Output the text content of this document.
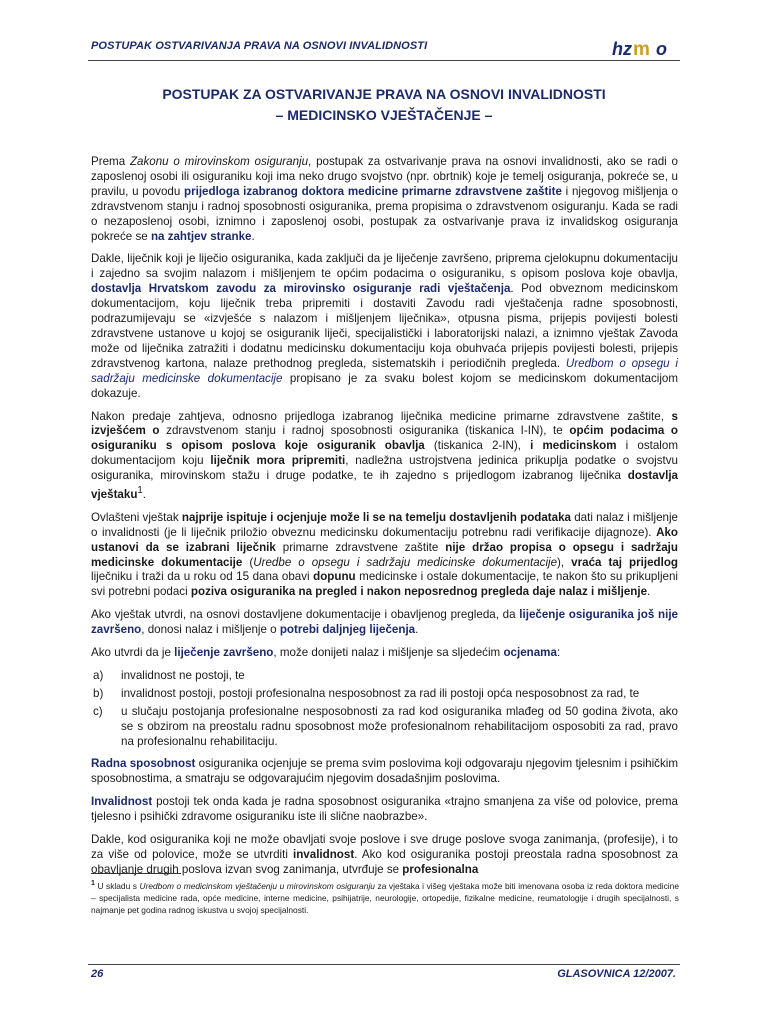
POSTUPAK OSTVARIVANJA PRAVA NA OSNOVI INVALIDNOSTI	hz m o
POSTUPAK ZA OSTVARIVANJE PRAVA NA OSNOVI INVALIDNOSTI
– MEDICINSKO VJEŠTAČENJE –

Prema Zakonu o mirovinskom osiguranju, postupak za ostvarivanje prava na osnovi invalidnosti, ako se radi o zaposlenoj osobi ili osiguraniku koji ima neko drugo svojstvo (npr. obrtnik) koje je temelj osiguranja, pokreće se, u pravilu, u povodu prijedloga izabranog doktora medicine primarne zdravstvene zaštite i njegovog mišljenja o zdravstvenom stanju i radnoj sposobnosti osiguranika, prema propisima o zdravstvenom osiguranju. Kada se radi o nezaposlenoj osobi, iznimno i zaposlenoj osobi, postupak za ostvarivanje prava iz invalidskog osiguranja pokreće se na zahtjev stranke.

Dakle, liječnik koji je liječio osiguranika, kada zaključi da je liječenje završeno, priprema cjelokupnu dokumentaciju i zajedno sa svojim nalazom i mišljenjem te općim podacima o osiguraniku, s opisom poslova koje obavlja, dostavlja Hrvatskom zavodu za mirovinsko osiguranje radi vještačenja. Pod obveznom medicinskom dokumentacijom, koju liječnik treba pripremiti i dostaviti Zavodu radi vještačenja radne sposobnosti, podrazumijevaju se «izvješće s nalazom i mišljenjem liječnika», otpusna pisma, prijepis povijesti bolesti zdravstvene ustanove u kojoj se osiguranik liječi, specijalistički i laboratorijski nalazi, a iznimno vještak Zavoda može od liječnika zatražiti i dodatnu medicinsku dokumentaciju koja obuhvaća prijepis povijesti bolesti, prijepis zdravstvenog kartona, nalaze prethodnog pregleda, sistematskih i periodičnih pregleda. Uredbom o opsegu i sadržaju medicinske dokumentacije propisano je za svaku bolest kojom se medicinskom dokumentacijom dokazuje.

Nakon predaje zahtjeva, odnosno prijedloga izabranog liječnika medicine primarne zdravstvene zaštite, s izvješćem o zdravstvenom stanju i radnoj sposobnosti osiguranika (tiskanica I-IN), te općim podacima o osiguraniku s opisom poslova koje osiguranik obavlja (tiskanica 2-IN), i medicinskom i ostalom dokumentacijom koju liječnik mora pripremiti, nadležna ustrojstvena jedinica prikuplja podatke o svojstvu osiguranika, mirovinskom stažu i druge podatke, te ih zajedno s prijedlogom izabranog liječnika dostavlja vještaku$^1$.

Ovlašteni vještak najprije ispituje i ocjenjuje može li se na temelju dostavljenih podataka dati nalaz i mišljenje o invalidnosti (je li liječnik priložio obveznu medicinsku dokumentaciju potrebnu radi verifikacije dijagnoze). Ako ustanovi da se izabrani liječnik primarne zdravstvene zaštite nije držao propisa o opsegu i sadržaju medicinske dokumentacije (Uredbe o opsegu i sadržaju medicinske dokumentacije), vraća taj prijedlog liječniku i traži da u roku od 15 dana obavi dopunu medicinske i ostale dokumentacije, te nakon što su prikupljeni svi potrebni podaci poziva osiguranika na pregled i nakon neposrednog pregleda daje nalaz i mišljenje.

Ako vještak utvrdi, na osnovi dostavljene dokumentacije i obavljenog pregleda, da liječenje osiguranika još nije završeno, donosi nalaz i mišljenje o potrebi daljnjeg liječenja.

Ako utvrdi da je liječenje završeno, može donijeti nalaz i mišljenje sa sljedećim ocjenama:

a)	invalidnost ne postoji, te
b)	invalidnost postoji, postoji profesionalna nesposobnost za rad ili postoji opća nesposobnost za rad, te
c)	u slučaju postojanja profesionalne nesposobnosti za rad kod osiguranika mlađeg od 50 godina života, ako se s obzirom na preostalu radnu sposobnost može profesionalnom rehabilitacijom osposobiti za rad, pravo na profesionalnu rehabilitaciju.

Radna sposobnost osiguranika ocjenjuje se prema svim poslovima koji odgovaraju njegovim tjelesnim i psihičkim sposobnostima, a smatraju se odgovarajućim njegovim dosadašnjim poslovima.

Invalidnost postoji tek onda kada je radna sposobnost osiguranika «trajno smanjena za više od polovice, prema tjelesno i psihički zdravome osiguraniku iste ili slične naobrazbe».

Dakle, kod osiguranika koji ne može obavljati svoje poslove i sve druge poslove svoga zanimanja, (profesije), i to za više od polovice, može se utvrditi invalidnost. Ako kod osiguranika postoji preostala radna sposobnost za obavljanje drugih poslova izvan svog zanimanja, utvrđuje se profesionalna

$^1$ U skladu s Uredbom o medicinskom vještačenju u mirovinskom osiguranju za vještaka i višeg vještaka može biti imenovana osoba iz reda doktora medicine – specijalista medicine rada, opće medicine, interne medicine, psihijatrije, neurologije, ortopedije, fizikalne medicine, reumatologije i drugih specijalnosti, s najmanje pet godina radnog iskustva u svojoj specijalnosti.
26	GLASOVNICA 12/2007.
